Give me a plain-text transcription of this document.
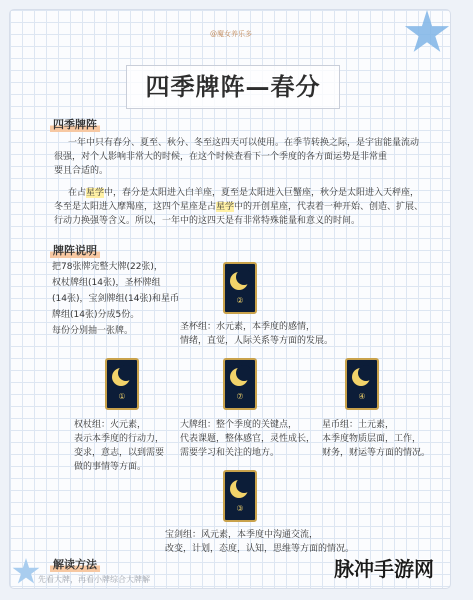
@魔女养乐多
四季牌阵—春分
四季牌阵

一年中只有春分、夏至、秋分、冬至这四天可以使用。在季节转换之际，是宇宙能量流动

很强，对个人影响非常大的时候，在这个时候查看下一个季度的各方面运势是非常重

要且合适的。

在占星学中，春分是太阳进入白羊座，夏至是太阳进入巨蟹座，秋分是太阳进入天秤座，

冬至是太阳进入摩羯座，这四个星座是占星学中的开创星座，代表着一种开始、创造、扩展、

行动力换强等含义。所以，一年中的这四天是有非常特殊能量和意义的时间。

牌阵说明

把78张牌完整大牌(22张)，

权杖牌组(14张)，圣杯牌组

(14张)，宝剑牌组(14张)和星币

牌组(14张)分成5份。

每份分别抽一张牌。

②

圣杯组：水元素，本季度的感情，

情绪，直觉，人际关系等方面的发展。

①

权杖组：火元素，

表示本季度的行动力，

变求，意志，以到需要

做的事情等方面。

⑦

大牌组：整个季度的关键点，

代表课题，整体感官，灵性成长，

需要学习和关注的地方。

④

星币组：土元素，

本季度物质层面，工作，

财务，财运等方面的情况。

③

宝剑组：风元素，本季度中沟通交流，

改变，计划，态度，认知，思维等方面的情况。

解读方法
先看大牌，再看小牌综合大牌解	脉冲手游网
